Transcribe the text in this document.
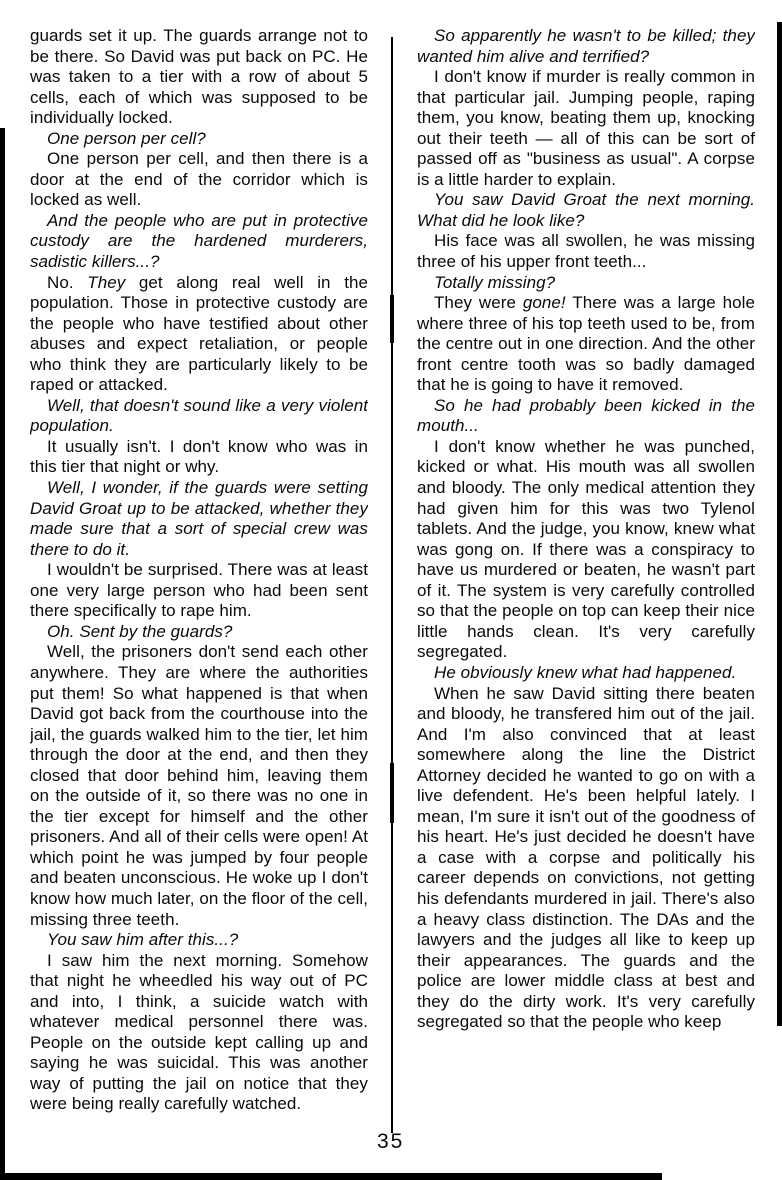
guards set it up. The guards arrange not to be there. So David was put back on PC. He was taken to a tier with a row of about 5 cells, each of which was supposed to be individually locked.

One person per cell?

One person per cell, and then there is a door at the end of the corridor which is locked as well.

And the people who are put in protective custody are the hardened murderers, sadistic killers...?

No. They get along real well in the population. Those in protective custody are the people who have testified about other abuses and expect retaliation, or people who think they are particularly likely to be raped or attacked.

Well, that doesn't sound like a very violent population.

It usually isn't. I don't know who was in this tier that night or why.

Well, I wonder, if the guards were setting David Groat up to be attacked, whether they made sure that a sort of special crew was there to do it.

I wouldn't be surprised. There was at least one very large person who had been sent there specifically to rape him.

Oh. Sent by the guards?

Well, the prisoners don't send each other anywhere. They are where the authorities put them! So what happened is that when David got back from the courthouse into the jail, the guards walked him to the tier, let him through the door at the end, and then they closed that door behind him, leaving them on the outside of it, so there was no one in the tier except for himself and the other prisoners. And all of their cells were open! At which point he was jumped by four people and beaten unconscious. He woke up I don't know how much later, on the floor of the cell, missing three teeth.

You saw him after this...?

I saw him the next morning. Somehow that night he wheedled his way out of PC and into, I think, a suicide watch with whatever medical personnel there was. People on the outside kept calling up and saying he was suicidal. This was another way of putting the jail on notice that they were being really carefully watched.

So apparently he wasn't to be killed; they wanted him alive and terrified?

I don't know if murder is really common in that particular jail. Jumping people, raping them, you know, beating them up, knocking out their teeth — all of this can be sort of passed off as "business as usual". A corpse is a little harder to explain.

You saw David Groat the next morning. What did he look like?

His face was all swollen, he was missing three of his upper front teeth...

Totally missing?

They were gone! There was a large hole where three of his top teeth used to be, from the centre out in one direction. And the other front centre tooth was so badly damaged that he is going to have it removed.

So he had probably been kicked in the mouth...

I don't know whether he was punched, kicked or what. His mouth was all swollen and bloody. The only medical attention they had given him for this was two Tylenol tablets. And the judge, you know, knew what was gong on. If there was a conspiracy to have us murdered or beaten, he wasn't part of it. The system is very carefully controlled so that the people on top can keep their nice little hands clean. It's very carefully segregated.

He obviously knew what had happened.

When he saw David sitting there beaten and bloody, he transfered him out of the jail. And I'm also convinced that at least somewhere along the line the District Attorney decided he wanted to go on with a live defendent. He's been helpful lately. I mean, I'm sure it isn't out of the goodness of his heart. He's just decided he doesn't have a case with a corpse and politically his career depends on convictions, not getting his defendants murdered in jail. There's also a heavy class distinction. The DAs and the lawyers and the judges all like to keep up their appearances. The guards and the police are lower middle class at best and they do the dirty work. It's very carefully segregated so that the people who keep

35
